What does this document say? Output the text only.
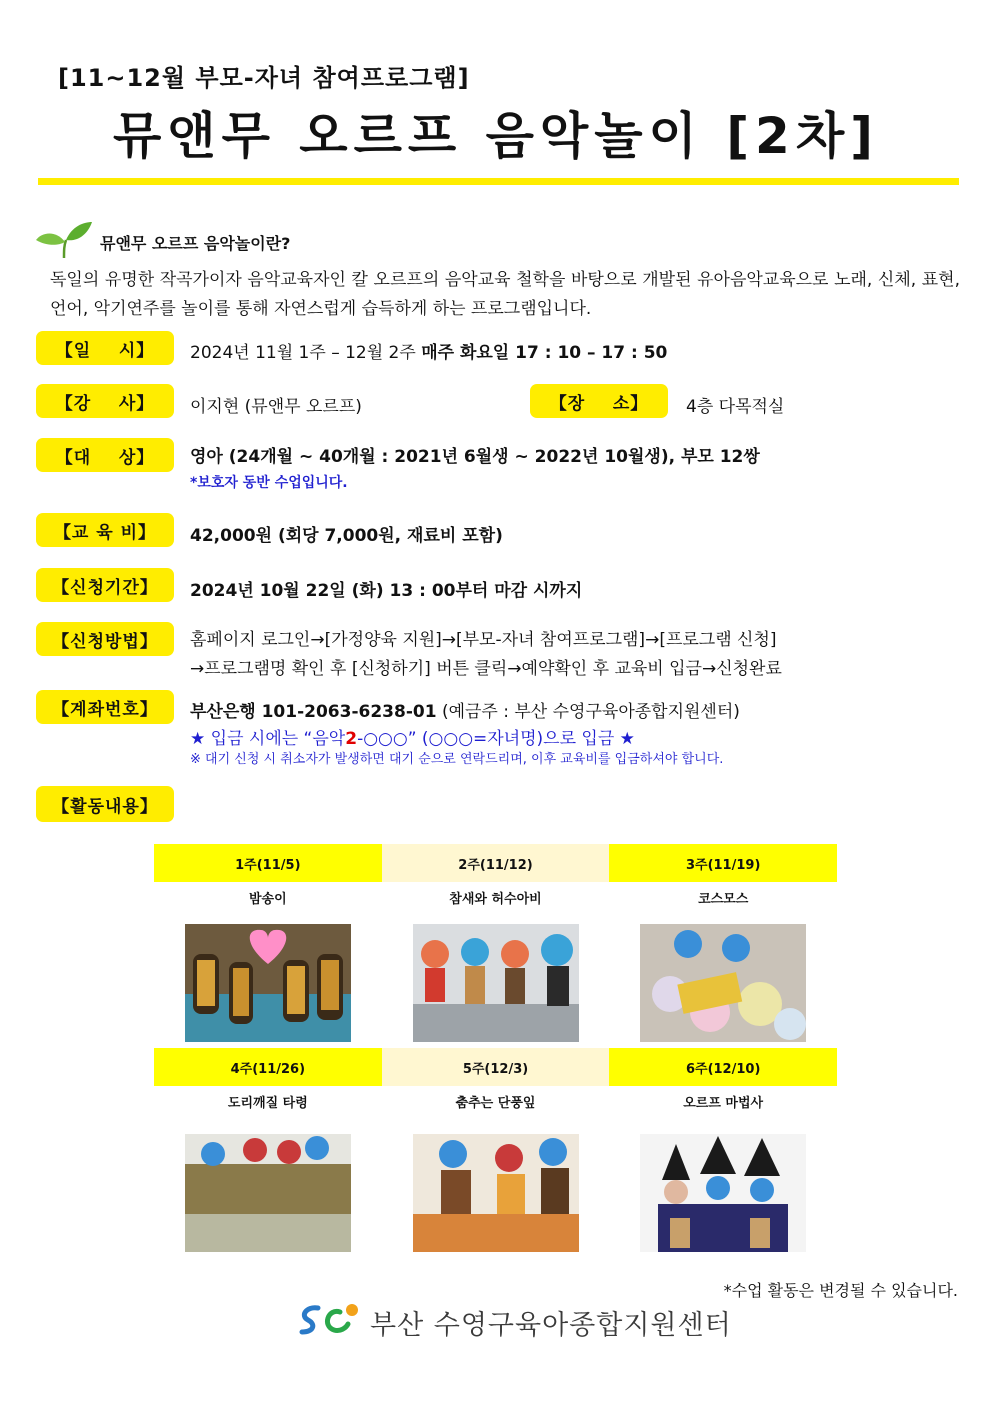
[11~12월 부모-자녀 참여프로그램]
뮤앤무 오르프 음악놀이 [2차]
뮤앤무 오르프 음악놀이란?
독일의 유명한 작곡가이자 음악교육자인 칼 오르프의 음악교육 철학을 바탕으로 개발된 유아음악교육으로 노래, 신체, 표현, 언어, 악기연주를 놀이를 통해 자연스럽게 습득하게 하는 프로그램입니다.
【일    시】	2024년 11월 1주 – 12월 2주 매주 화요일 17 : 10 – 17 : 50
【강    사】	이지현 (뮤앤무 오르프)	【장    소】	4층 다목적실
【대    상】	영아 (24개월 ~ 40개월 : 2021년 6월생 ~ 2022년 10월생), 부모 12쌍
*보호자 동반 수업입니다.
【교 육 비】	42,000원 (회당 7,000원, 재료비 포함)
【신청기간】	2024년 10월 22일 (화) 13 : 00부터 마감 시까지
【신청방법】	홈페이지 로그인→[가정양육 지원]→[부모-자녀 참여프로그램]→[프로그램 신청]
→프로그램명 확인 후 [신청하기] 버튼 클릭→예약확인 후 교육비 입금→신청완료
【계좌번호】	부산은행 101-2063-6238-01 (예금주 : 부산 수영구육아종합지원센터)
★ 입금 시에는 “음악2-○○○” (○○○=자녀명)으로 입금 ★
※ 대기 신청 시 취소자가 발생하면 대기 순으로 연락드리며, 이후 교육비를 입금하셔야 합니다.
【활동내용】
1주(11/5)	2주(11/12)	3주(11/19)
밤송이	참새와 허수아비	코스모스
4주(11/26)	5주(12/3)	6주(12/10)
도리깨질 타령	춤추는 단풍잎	오르프 마법사
*수업 활동은 변경될 수 있습니다.
부산 수영구육아종합지원센터
